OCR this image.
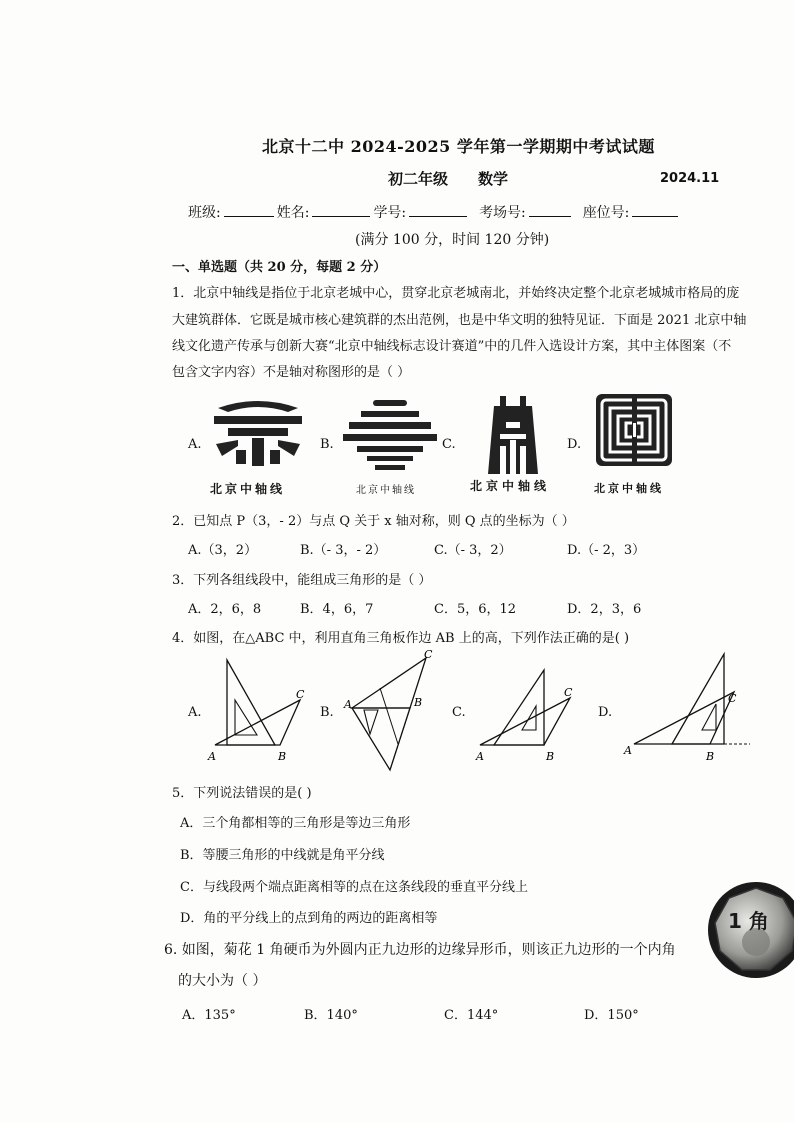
北京十二中 2024-2025 学年第一学期期中考试试题
初二年级 数学	2024.11
班级:	姓名:	学号:	考场号:	座位号:
(满分 100 分，时间 120 分钟)
一、单选题（共 20 分，每题 2 分）
1．北京中轴线是指位于北京老城中心，贯穿北京老城南北，并始终决定整个北京老城城市格局的庞
大建筑群体．它既是城市核心建筑群的杰出范例，也是中华文明的独特见证．下面是 2021 北京中轴
线文化遗产传承与创新大赛“北京中轴线标志设计赛道”中的几件入选设计方案，其中主体图案（不
包含文字内容）不是轴对称图形的是（ ）
A.	B.	C.	D.
北京中轴线	北京中轴线	北京中轴线	北京中轴线
2．已知点 P（3，- 2）与点 Q 关于 x 轴对称，则 Q 点的坐标为（ ）
A.（3，2）	B.（- 3，- 2）	C.（- 3，2）	D.（- 2，3）
3．下列各组线段中，能组成三角形的是（ ）
A．2，6，8	B．4，6，7	C．5，6，12	D．2，3，6
4．如图，在△ABC 中，利用直角三角板作边 AB 上的高，下列作法正确的是( )
A.	B.	C.	D.
A	B
C
A	B
C
A	B
C
A	B
C
5．下列说法错误的是( )
A．三个角都相等的三角形是等边三角形
B．等腰三角形的中线就是角平分线
C．与线段两个端点距离相等的点在这条线段的垂直平分线上
D．角的平分线上的点到角的两边的距离相等
6. 如图，菊花 1 角硬币为外圆内正九边形的边缘异形币，则该正九边形的一个内角
的大小为（ ）
A．135°	B．140°	C．144°	D．150°
1 角
